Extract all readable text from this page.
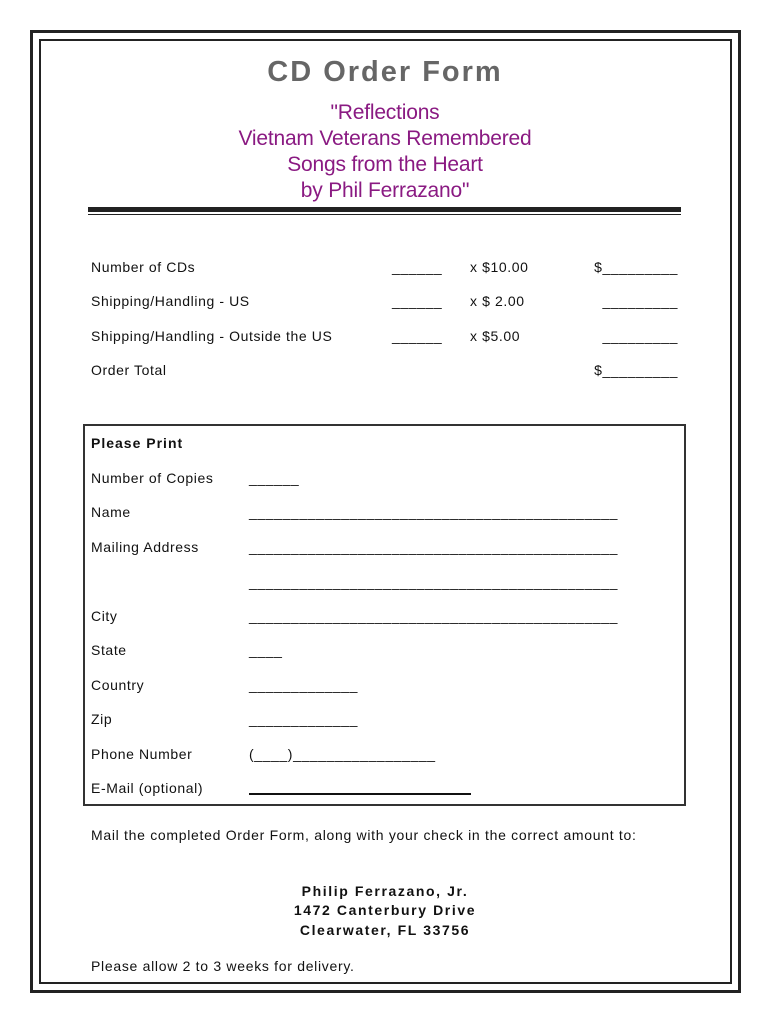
CD Order Form
"Reflections
Vietnam Veterans Remembered
Songs from the Heart
by Phil Ferrazano"
Number of CDs	______ x $10.00	$_________
Shipping/Handling - US	______ x $ 2.00	_________
Shipping/Handling - Outside the US	______ x $5.00	_________
Order Total	$_________
Please Print
Number of Copies	______
Name	____________________________________________
Mailing Address	____________________________________________
____________________________________________
City	____________________________________________
State	____
Country	_____________
Zip	_____________
Phone Number	(____)_________________
E-Mail (optional)
Mail the completed Order Form, along with your check in the correct amount to:
Philip Ferrazano, Jr.
1472 Canterbury Drive
Clearwater, FL 33756
Please allow 2 to 3 weeks for delivery.
